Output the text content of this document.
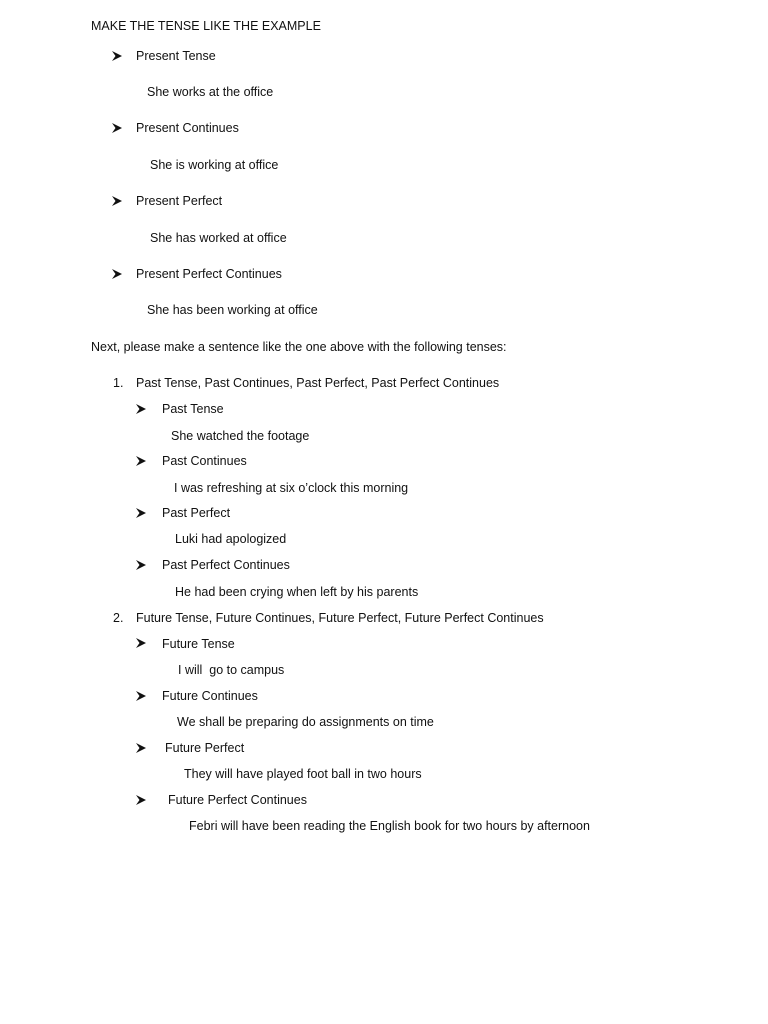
MAKE THE TENSE LIKE THE EXAMPLE
Present Tense
She works at the office
Present Continues
She is working at office
Present Perfect
She has worked at office
Present Perfect Continues
She has been working at office
Next, please make a sentence like the one above with the following tenses:
1. Past Tense, Past Continues, Past Perfect, Past Perfect Continues
Past Tense
She watched the footage
Past Continues
I was refreshing at six o’clock this morning
Past Perfect
Luki had apologized
Past Perfect Continues
He had been crying when left by his parents
2. Future Tense, Future Continues, Future Perfect, Future Perfect Continues
Future Tense
I will  go to campus
Future Continues
We shall be preparing do assignments on time
Future Perfect
They will have played foot ball in two hours
Future Perfect Continues
Febri will have been reading the English book for two hours by afternoon
